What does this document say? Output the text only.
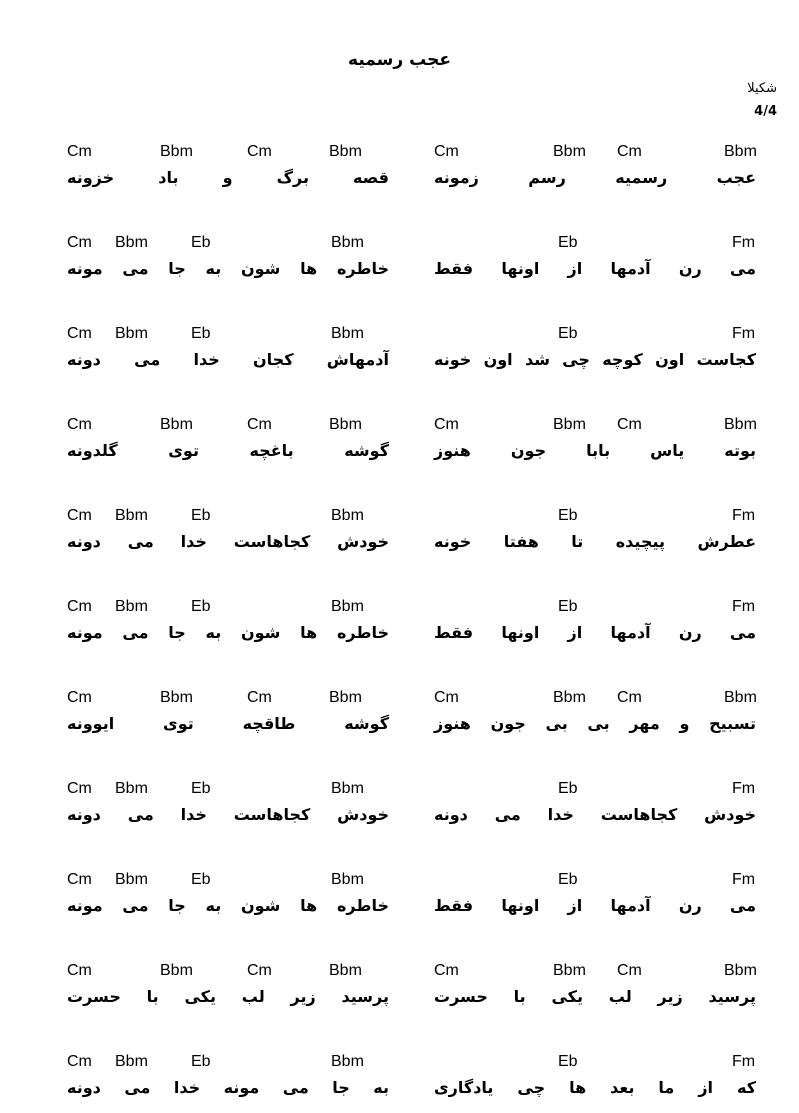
عجب رسمیه
شکیلا
4/4
Cm	Bbm Cm	Bbm
عجب رسمیه رسم زمونه
Cm	Bbm	Cm	Bbm
قصه برگ و باد خزونه
Eb	Fm
می رن آدمها از اونها فقط
Cm Bbm	Eb	Bbm
خاطره ها شون به جا می مونه
Eb	Fm
کجاست اون کوچه چی شد اون خونه
Cm Bbm	Eb	Bbm
آدمهاش کجان خدا می دونه
Cm	Bbm Cm	Bbm
بوته یاس بابا جون هنوز
Cm	Bbm	Cm	Bbm
گوشه باغچه توی گلدونه
Eb	Fm
عطرش پیچیده تا هفتا خونه
Cm Bbm	Eb	Bbm
خودش کجاهاست خدا می دونه
Eb	Fm
می رن آدمها از اونها فقط
Cm Bbm	Eb	Bbm
خاطره ها شون به جا می مونه
Cm	Bbm Cm	Bbm
تسبیح و مهر بی بی جون هنوز
Cm	Bbm	Cm	Bbm
گوشه طاقچه توی ایوونه
Eb	Fm
خودش کجاهاست خدا می دونه
Cm Bbm	Eb	Bbm
خودش کجاهاست خدا می دونه
Eb	Fm
می رن آدمها از اونها فقط
Cm Bbm	Eb	Bbm
خاطره ها شون به جا می مونه
Cm	Bbm Cm	Bbm
پرسید زیر لب یکی با حسرت
Cm	Bbm	Cm	Bbm
پرسید زیر لب یکی با حسرت
Eb	Fm
که از ما بعد ها چی یادگاری
Cm Bbm	Eb	Bbm
به جا می مونه خدا می دونه
